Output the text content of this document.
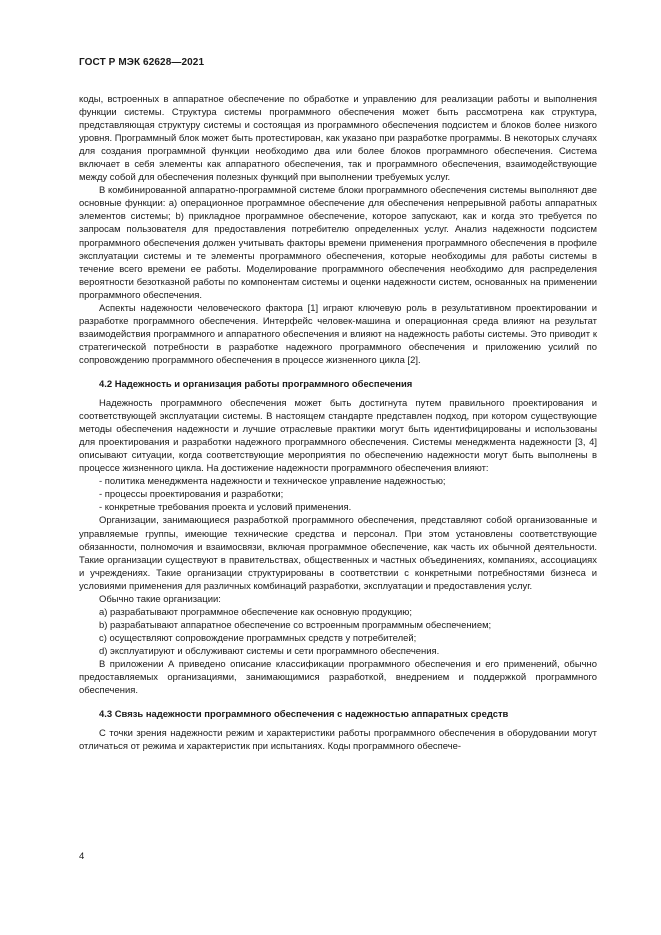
ГОСТ Р МЭК 62628—2021

коды, встроенных в аппаратное обеспечение по обработке и управлению для реализации работы и выполнения функции системы. Структура системы программного обеспечения может быть рассмотрена как структура, представляющая структуру системы и состоящая из программного обеспечения подсистем и блоков более низкого уровня. Программный блок может быть протестирован, как указано при разработке программы. В некоторых случаях для создания программной функции необходимо два или более блоков программного обеспечения. Система включает в себя элементы как аппаратного обеспечения, так и программного обеспечения, взаимодействующие между собой для обеспечения полезных функций при выполнении требуемых услуг.

В комбинированной аппаратно-программной системе блоки программного обеспечения системы выполняют две основные функции: а) операционное программное обеспечение для обеспечения непрерывной работы аппаратных элементов системы; b) прикладное программное обеспечение, которое запускают, как и когда это требуется по запросам пользователя для предоставления потребителю определенных услуг. Анализ надежности подсистем программного обеспечения должен учитывать факторы времени применения программного обеспечения в профиле эксплуатации системы и те элементы программного обеспечения, которые необходимы для работы системы в течение всего времени ее работы. Моделирование программного обеспечения необходимо для распределения вероятности безотказной работы по компонентам системы и оценки надежности систем, основанных на применении программного обеспечения.

Аспекты надежности человеческого фактора [1] играют ключевую роль в результативном проектировании и разработке программного обеспечения. Интерфейс человек-машина и операционная среда влияют на результат взаимодействия программного и аппаратного обеспечения и влияют на надежность работы системы. Это приводит к стратегической потребности в разработке надежного программного обеспечения и приложению усилий по сопровождению программного обеспечения в процессе жизненного цикла [2].

4.2 Надежность и организация работы программного обеспечения

Надежность программного обеспечения может быть достигнута путем правильного проектирования и соответствующей эксплуатации системы. В настоящем стандарте представлен подход, при котором существующие методы обеспечения надежности и лучшие отраслевые практики могут быть идентифицированы и использованы для проектирования и разработки надежного программного обеспечения. Системы менеджмента надежности [3, 4] описывают ситуации, когда соответствующие мероприятия по обеспечению надежности могут быть выполнены в процессе жизненного цикла. На достижение надежности программного обеспечения влияют:

- политика менеджмента надежности и техническое управление надежностью;
- процессы проектирования и разработки;
- конкретные требования проекта и условий применения.

Организации, занимающиеся разработкой программного обеспечения, представляют собой организованные и управляемые группы, имеющие технические средства и персонал. При этом установлены соответствующие обязанности, полномочия и взаимосвязи, включая программное обеспечение, как часть их обычной деятельности. Такие организации существуют в правительствах, общественных и частных объединениях, компаниях, ассоциациях и учреждениях. Такие организации структурированы в соответствии с конкретными потребностями бизнеса и условиями применения для различных комбинаций разработки, эксплуатации и предоставления услуг.

Обычно такие организации:

a) разрабатывают программное обеспечение как основную продукцию;
b) разрабатывают аппаратное обеспечение со встроенным программным обеспечением;
c) осуществляют сопровождение программных средств у потребителей;
d) эксплуатируют и обслуживают системы и сети программного обеспечения.

В приложении А приведено описание классификации программного обеспечения и его применений, обычно предоставляемых организациями, занимающимися разработкой, внедрением и поддержкой программного обеспечения.

4.3 Связь надежности программного обеспечения с надежностью аппаратных средств

С точки зрения надежности режим и характеристики работы программного обеспечения в оборудовании могут отличаться от режима и характеристик при испытаниях. Коды программного обеспече-

4
